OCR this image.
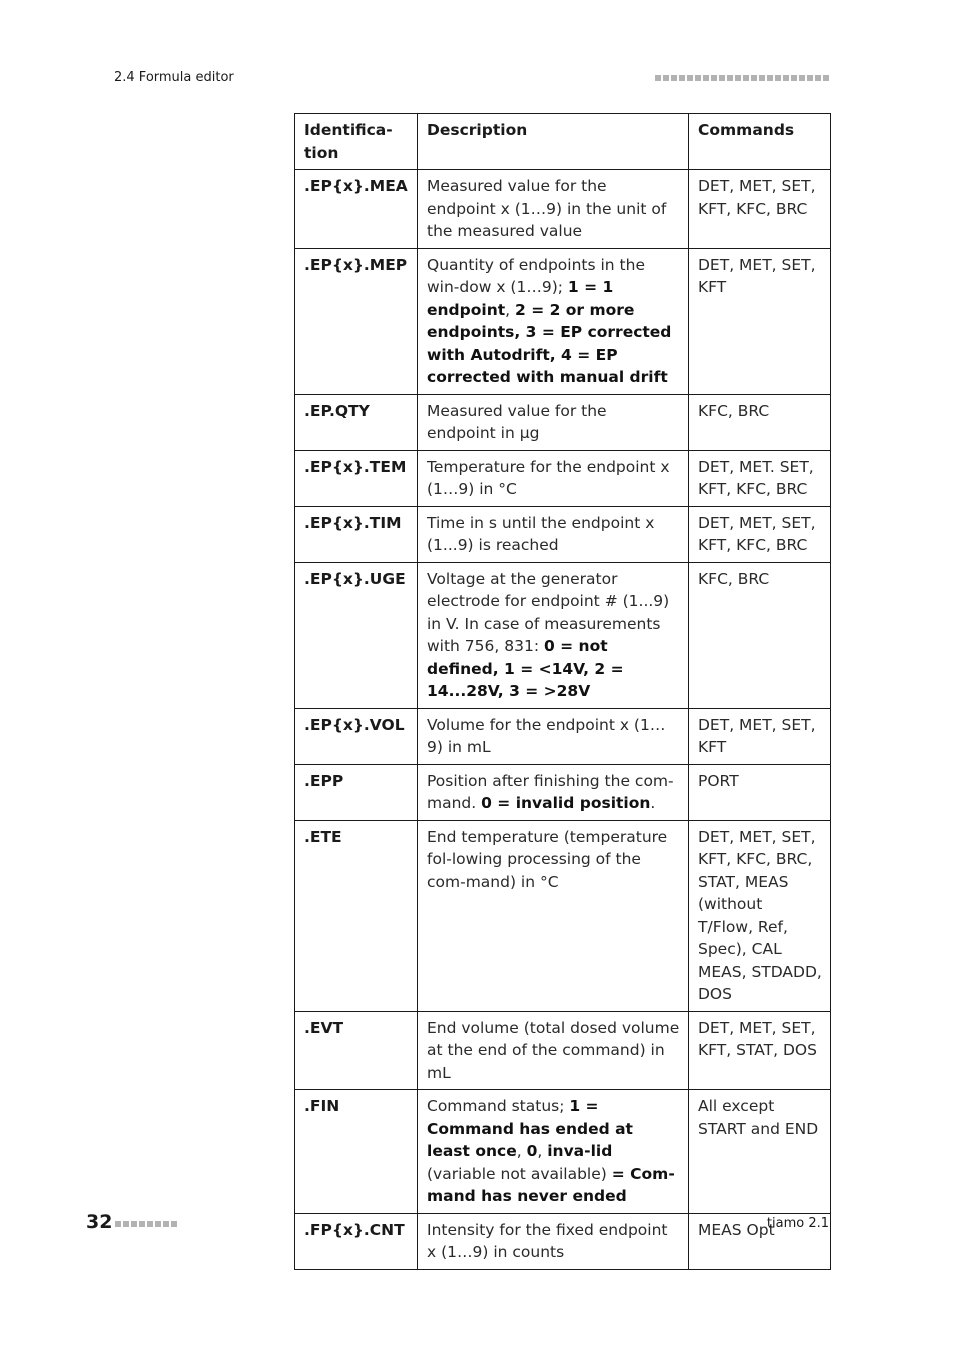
2.4 Formula editor
Identifica-
tion	Description	Commands
.EP{x}.MEA	Measured value for the endpoint x (1…9) in the unit of the measured value	DET, MET, SET, KFT, KFC, BRC
.EP{x}.MEP	Quantity of endpoints in the win-dow x (1…9); 1 = 1 endpoint, 2 = 2 or more endpoints, 3 = EP corrected with Autodrift, 4 = EP corrected with manual drift	DET, MET, SET, KFT
.EP.QTY	Measured value for the endpoint in µg	KFC, BRC
.EP{x}.TEM	Temperature for the endpoint x (1…9) in °C	DET, MET. SET, KFT, KFC, BRC
.EP{x}.TIM	Time in s until the endpoint x (1...9) is reached	DET, MET, SET, KFT, KFC, BRC
.EP{x}.UGE	Voltage at the generator electrode for endpoint # (1...9) in V. In case of measurements with 756, 831: 0 = not defined, 1 = <14V, 2 = 14...28V, 3 = >28V	KFC, BRC
.EP{x}.VOL	Volume for the endpoint x (1…9) in mL	DET, MET, SET, KFT
.EPP	Position after finishing the com-mand. 0 = invalid position.	PORT
.ETE	End temperature (temperature fol-lowing processing of the com-mand) in °C	DET, MET, SET, KFT, KFC, BRC, STAT, MEAS (without T/Flow, Ref, Spec), CAL MEAS, STDADD, DOS
.EVT	End volume (total dosed volume at the end of the command) in mL	DET, MET, SET, KFT, STAT, DOS
.FIN	Command status; 1 = Command has ended at least once, 0, inva-lid (variable not available) = Com-mand has never ended	All except START and END
.FP{x}.CNT	Intensity for the fixed endpoint x (1…9) in counts	MEAS Opt
32	tiamo 2.1
